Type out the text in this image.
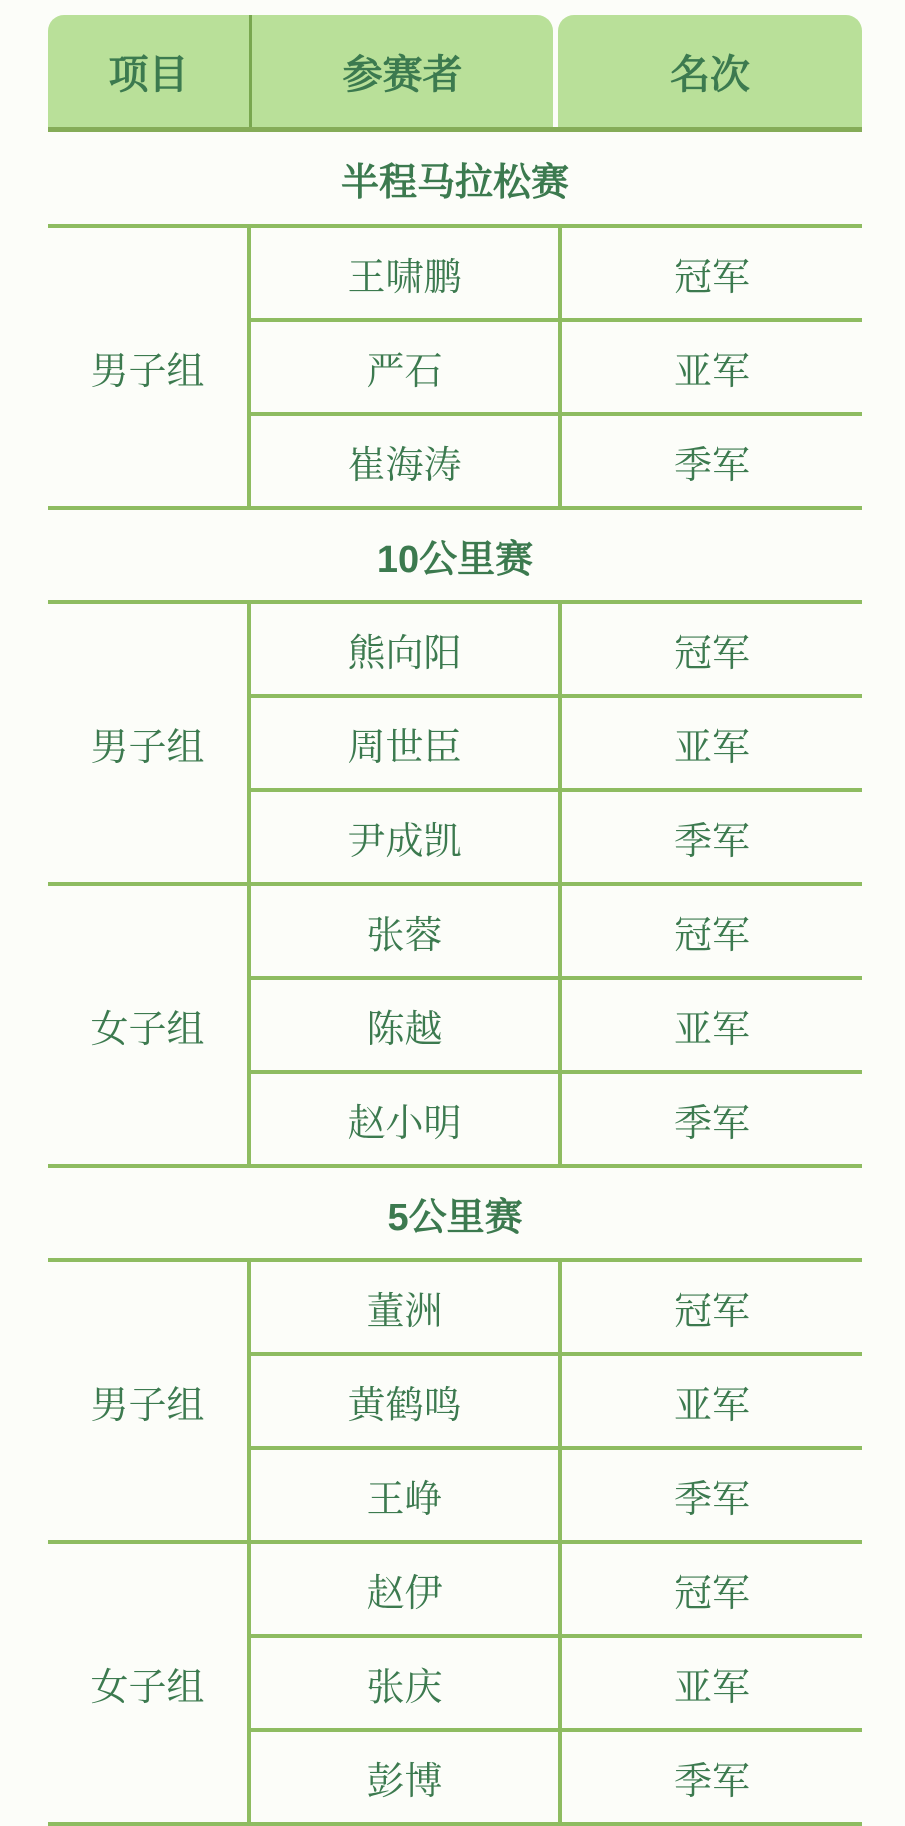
项目	参赛者	名次
半程马拉松赛		
男子组	王啸鹏	冠军
	严石	亚军
	崔海涛	季军
10公里赛		
男子组	熊向阳	冠军
	周世臣	亚军
	尹成凯	季军
女子组	张蓉	冠军
	陈越	亚军
	赵小明	季军
5公里赛		
男子组	董洲	冠军
	黄鹤鸣	亚军
	王峥	季军
女子组	赵伊	冠军
	张庆	亚军
	彭博	季军
